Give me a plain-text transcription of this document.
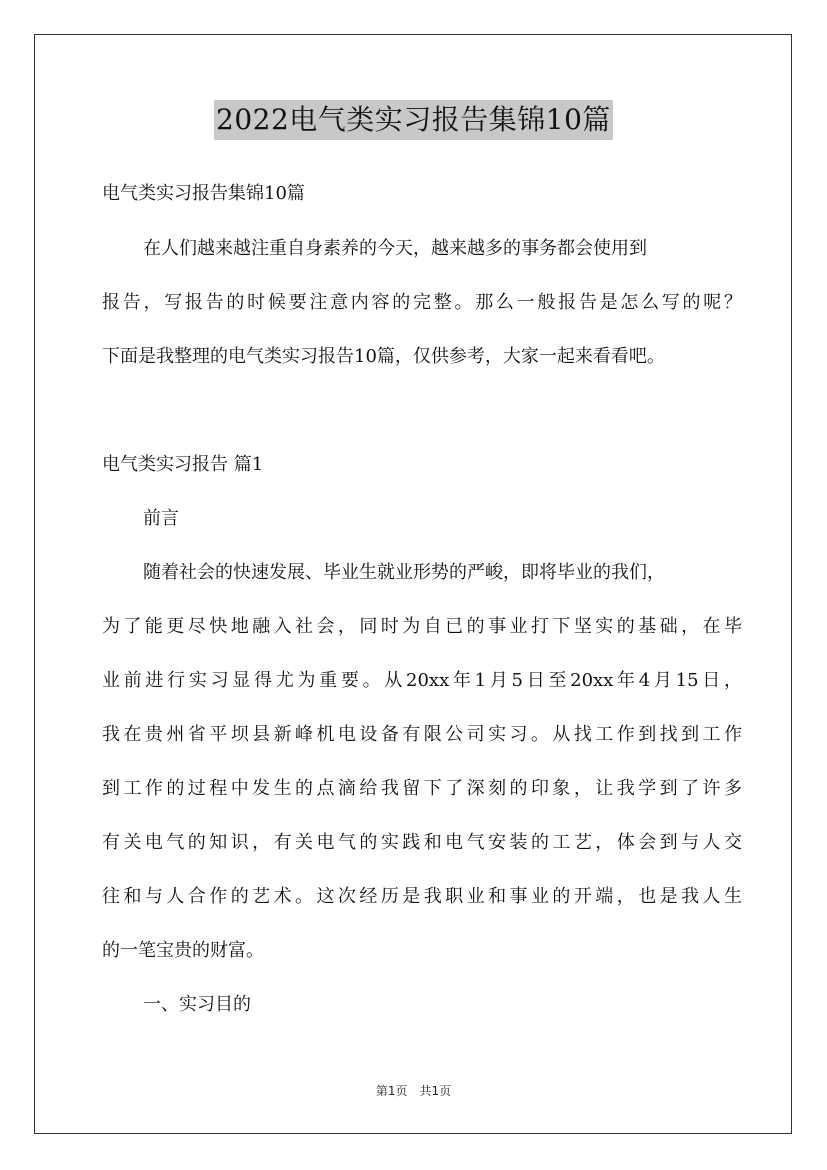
2022电气类实习报告集锦10篇
电气类实习报告集锦10篇
在人们越来越注重自身素养的今天，越来越多的事务都会使用到
报告，写报告的时候要注意内容的完整。那么一般报告是怎么写的呢？
下面是我整理的电气类实习报告10篇，仅供参考，大家一起来看看吧。
电气类实习报告 篇1
前言
随着社会的快速发展、毕业生就业形势的严峻，即将毕业的我们，
为了能更尽快地融入社会，同时为自已的事业打下坚实的基础，在毕
业前进行实习显得尤为重要。从20xx年1月5日至20xx年4月15日，
我在贵州省平坝县新峰机电设备有限公司实习。从找工作到找到工作
到工作的过程中发生的点滴给我留下了深刻的印象，让我学到了许多
有关电气的知识，有关电气的实践和电气安装的工艺，体会到与人交
往和与人合作的艺术。这次经历是我职业和事业的开端，也是我人生
的一笔宝贵的财富。
一、实习目的
第1页　共1页
